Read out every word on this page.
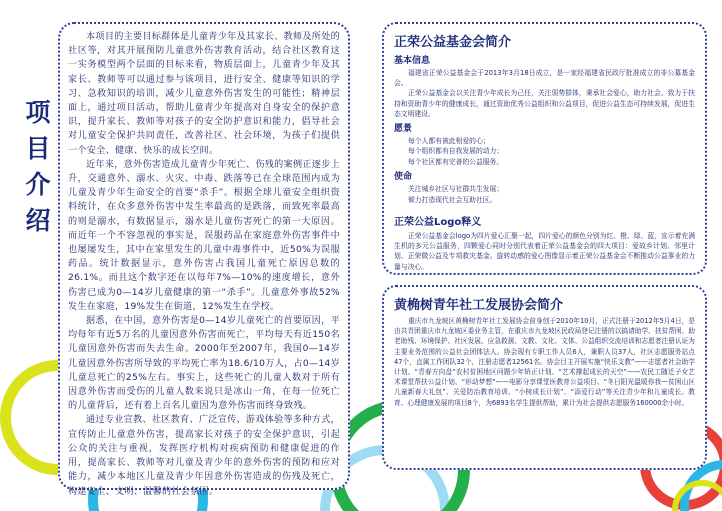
项
目
介
绍

本项目的主要目标群体是儿童青少年及其家长、教师及所处的社区等，对其开展预防儿童意外伤害教育活动，结合社区教育这一实务模型两个层面的目标来看，物质层面上，儿童青少年及其家长、教师等可以通过参与该项目，进行安全、健康等知识的学习、急救知识的培训，减少儿童意外伤害发生的可能性；精神层面上，通过项目活动，帮助儿童青少年提高对自身安全的保护意识，提升家长、教师等对孩子的安全防护意识和能力，倡导社会对儿童安全保护共同责任，改善社区、社会环境，为孩子们提供一个安全、健康、快乐的成长空间。

近年来，意外伤害造成儿童青少年死亡、伤残的案例正逐步上升，交通意外、溺水、火灾、中毒、跌落等已在全球范围内成为儿童及青少年生命安全的首要“杀手”。根据全球儿童安全组织资料统计，在众多意外伤害中发生率最高的是跌落，而致死率最高的则是溺水，有数据显示，溺水是儿童伤害死亡的第一大原因。而近年一个不容忽视的事实是，误服药品在家庭意外伤害事件中也屡屡发生，其中在家里发生的儿童中毒事件中，近50%为误服药品。统计数据显示，意外伤害占我国儿童死亡原因总数的26.1%。而且这个数字还在以每年7%—10%的速度增长，意外伤害已成为0—14岁儿童健康的第一“杀手”。儿童意外事故52%发生在家庭，19%发生在街道，12%发生在学校。

据悉，在中国，意外伤害是0—14岁儿童死亡的首要原因，平均每年有近5万名的儿童因意外伤害而死亡，平均每天有近150名儿童因意外伤害而失去生命。2000年至2007年，我国0—14岁儿童因意外伤害所导致的平均死亡率为18.6/10万人，占0—14岁儿童总死亡的25%左右。事实上，这些死亡的儿童人数对于所有因意外伤害而受伤的儿童人数来说只是冰山一角，在每一位死亡的儿童背后，还有着上百名儿童因为意外伤害而终身致残。

通过专业宣教、社区教育、广泛宣传、游戏体验等多种方式，宣传防止儿童意外伤害，提高家长对孩子的安全保护意识，引起公众的关注与重视，发挥医疗机构对疾病预防和健康促进的作用，提高家长、教师等对儿童及青少年的意外伤害的预防和应对能力，减少本地区儿童及青少年因意外伤害造成的伤残及死亡，构建安全、文明、温馨的社会氛围。

正荣公益基金会简介
基本信息
福建省正荣公益基金会于2013年3月18日成立，是一家经福建省民政厅批准成立的非公募基金会。
正荣公益基金会以关注青少年成长为己任，关注弱势群体，秉承社会爱心，助力社会。致力于扶持和资助青少年的健康成长，通过资助优秀公益组织和公益项目，促进公益生态可持续发展，促进生态文明建设。
愿景
每个人都有被此相爱的心；
每个组织都有自我发展的动力；
每个社区都有完善的公益服务。
使命
关注城乡社区与社群共生发展；
倾力打造现代社会互助社区。
正荣公益Logo释义
正荣公益基金会logo为四片爱心汇聚一起，四片爱心的颜色分别为红、橙、绿、蓝，宣示着充满生机的多元公益服务，四颗爱心同时分别代表着正荣公益基金会的四大项目：爱故乡计划、邻里计划、正荣微公益及专项救灾基金。旋转动感的爱心图像显示着正荣公益基金会不断推动公益事业的力量与决心。
黄桷树青年社工发展协会简介
重庆市九龙坡区黄桷树青年社工发展协会前身创于2010年10月，正式注册于2012年5月4日，是由共青团重庆市九龙坡区委业务主管，在重庆市九龙坡区民政局登记注册的以搞请助学、扶贫帮困、助老助残、环境保护、社区发展、应急救援、文教、文化、文体、公益组织交流培训和志愿者注册认证为主要业务范围的公益社会团体法人。协会现有专职工作人员6人，兼职人员37人，社区志愿服务站点47个，直属工作团队32个，注册志愿者12561名。协会目主开展实施“快乐支教”——志愿者社会助学计划、“青春方向盘”农村贫困地区问题少年矫正计划、“艺术撑起成长的天空”——农民工随迁子女艺术课堂帮扶公益计划、“形动梦想”——电影分享课堂医教育公益项目、“冬日阳光温暖你我—贫困山区儿童新春大礼包”、关爱防治教育培训、“小树成长计划”、“添爱行动”等关注青少年和儿童成长、教育、心理健康发展的项目8个，为6893名学生提供帮助，累计为社会提供志愿服务160000余小时。
